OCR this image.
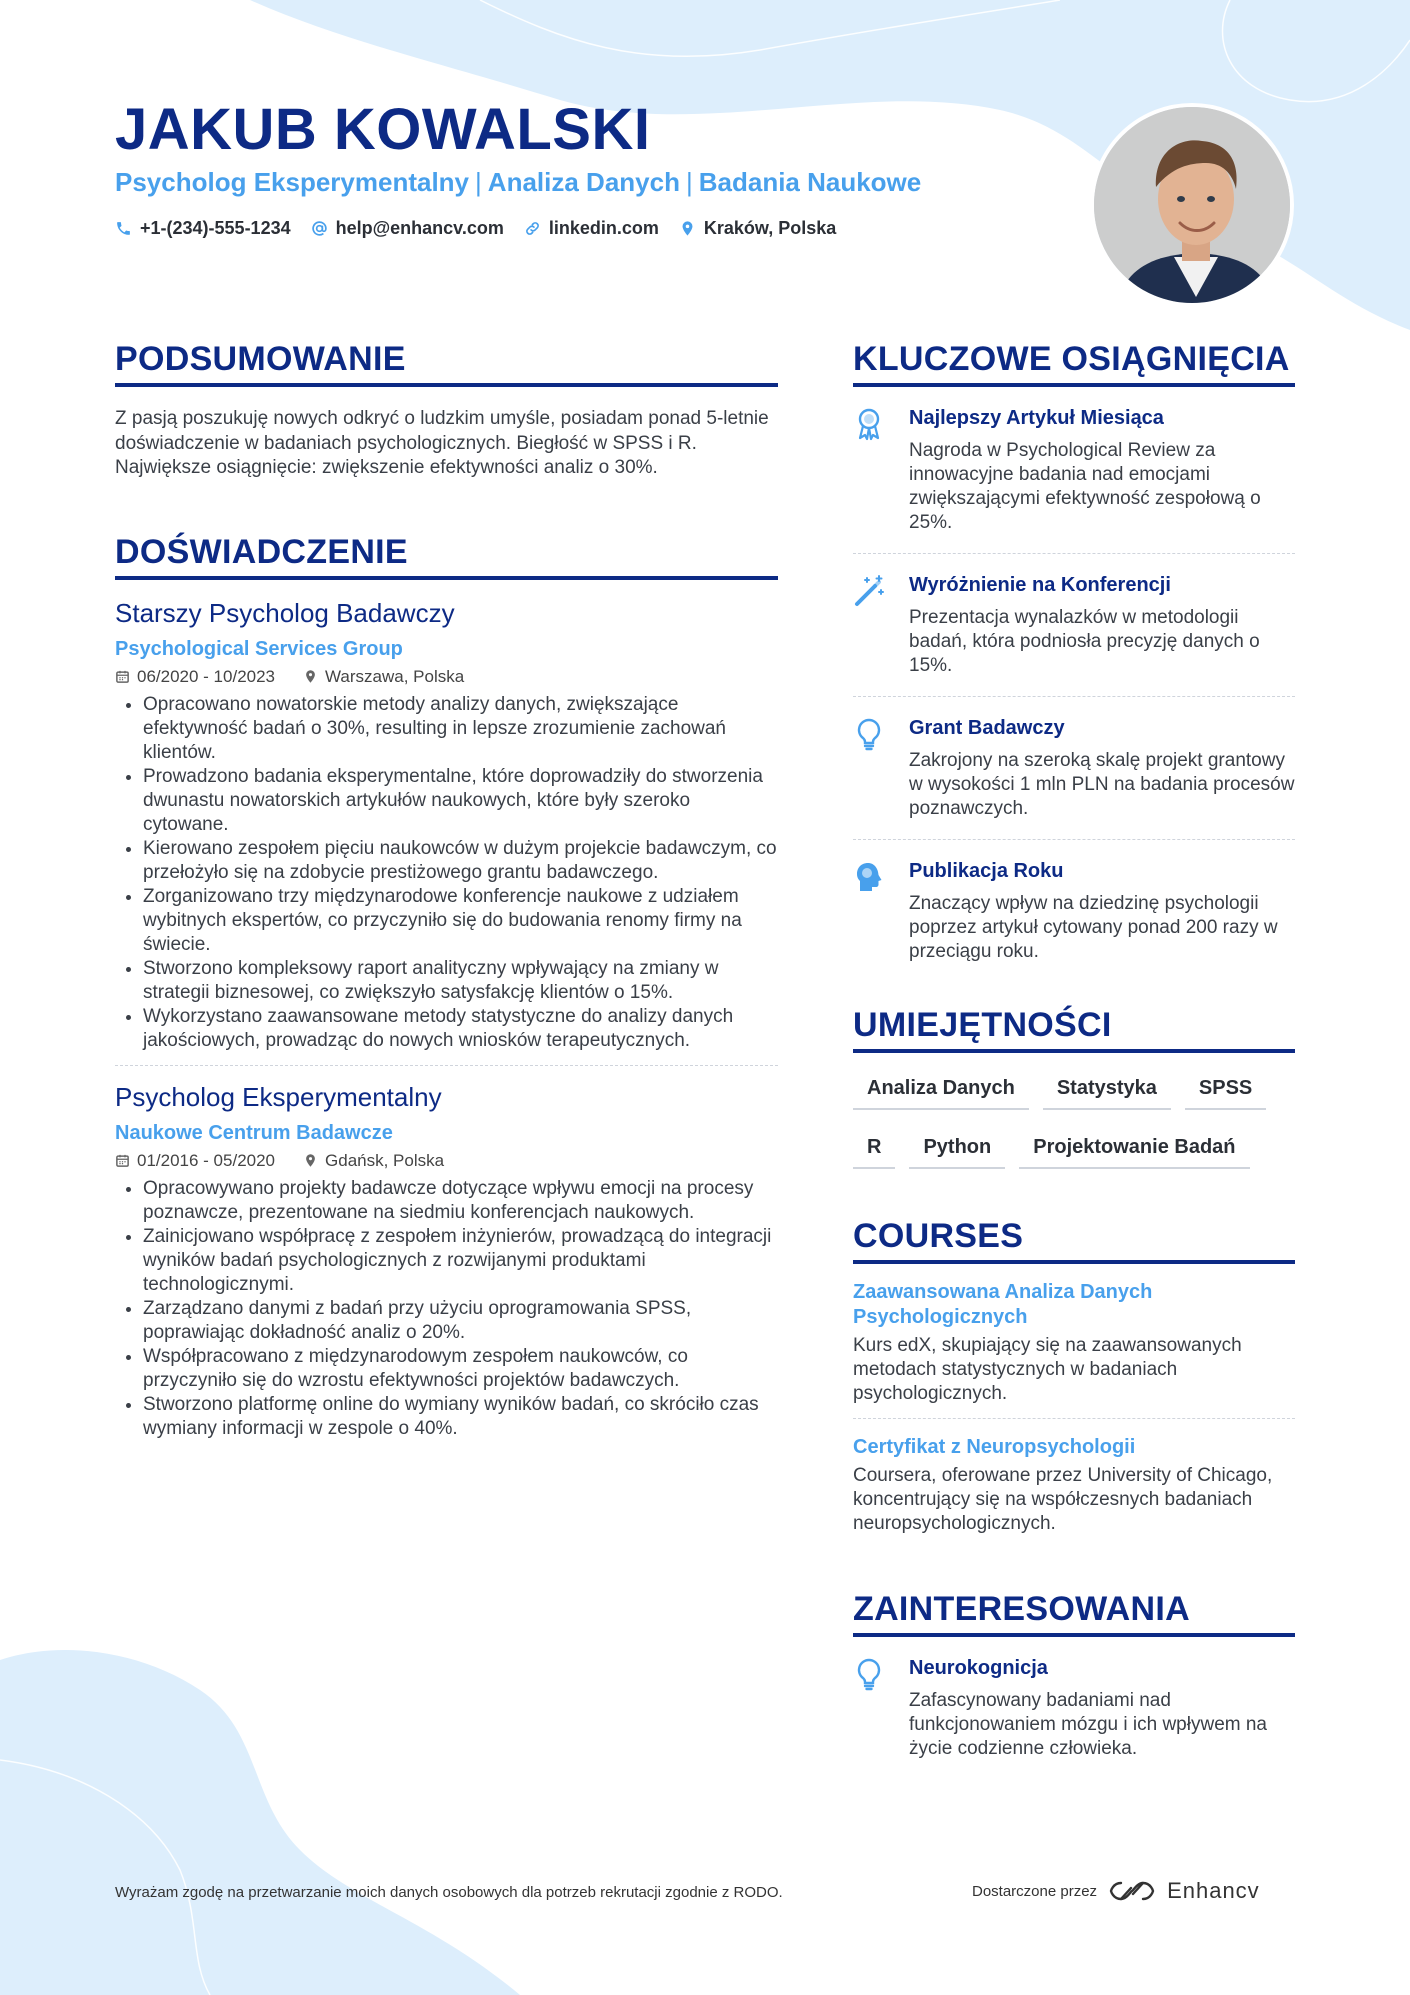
JAKUB KOWALSKI
Psycholog Eksperymentalny | Analiza Danych | Badania Naukowe
+1-(234)-555-1234	help@enhancv.com	linkedin.com	Kraków, Polska
PODSUMOWANIE
Z pasją poszukuję nowych odkryć o ludzkim umyśle, posiadam ponad 5-letnie doświadczenie w badaniach psychologicznych. Biegłość w SPSS i R. Największe osiągnięcie: zwiększenie efektywności analiz o 30%.
DOŚWIADCZENIE
Starszy Psycholog Badawczy
Psychological Services Group
06/2020 - 10/2023	Warszawa, Polska
• Opracowano nowatorskie metody analizy danych, zwiększające efektywność badań o 30%, resulting in lepsze zrozumienie zachowań klientów.
• Prowadzono badania eksperymentalne, które doprowadziły do stworzenia dwunastu nowatorskich artykułów naukowych, które były szeroko cytowane.
• Kierowano zespołem pięciu naukowców w dużym projekcie badawczym, co przełożyło się na zdobycie prestiżowego grantu badawczego.
• Zorganizowano trzy międzynarodowe konferencje naukowe z udziałem wybitnych ekspertów, co przyczyniło się do budowania renomy firmy na świecie.
• Stworzono kompleksowy raport analityczny wpływający na zmiany w strategii biznesowej, co zwiększyło satysfakcję klientów o 15%.
• Wykorzystano zaawansowane metody statystyczne do analizy danych jakościowych, prowadząc do nowych wniosków terapeutycznych.
Psycholog Eksperymentalny
Naukowe Centrum Badawcze
01/2016 - 05/2020	Gdańsk, Polska
• Opracowywano projekty badawcze dotyczące wpływu emocji na procesy poznawcze, prezentowane na siedmiu konferencjach naukowych.
• Zainicjowano współpracę z zespołem inżynierów, prowadzącą do integracji wyników badań psychologicznych z rozwijanymi produktami technologicznymi.
• Zarządzano danymi z badań przy użyciu oprogramowania SPSS, poprawiając dokładność analiz o 20%.
• Współpracowano z międzynarodowym zespołem naukowców, co przyczyniło się do wzrostu efektywności projektów badawczych.
• Stworzono platformę online do wymiany wyników badań, co skróciło czas wymiany informacji w zespole o 40%.
KLUCZOWE OSIĄGNIĘCIA
Najlepszy Artykuł Miesiąca
Nagroda w Psychological Review za innowacyjne badania nad emocjami zwiększającymi efektywność zespołową o 25%.
Wyróżnienie na Konferencji
Prezentacja wynalazków w metodologii badań, która podniosła precyzję danych o 15%.
Grant Badawczy
Zakrojony na szeroką skalę projekt grantowy w wysokości 1 mln PLN na badania procesów poznawczych.
Publikacja Roku
Znaczący wpływ na dziedzinę psychologii poprzez artykuł cytowany ponad 200 razy w przeciągu roku.
UMIEJĘTNOŚCI
Analiza Danych	Statystyka	SPSS
R	Python	Projektowanie Badań
COURSES
Zaawansowana Analiza Danych Psychologicznych
Kurs edX, skupiający się na zaawansowanych metodach statystycznych w badaniach psychologicznych.
Certyfikat z Neuropsychologii
Coursera, oferowane przez University of Chicago, koncentrujący się na współczesnych badaniach neuropsychologicznych.
ZAINTERESOWANIA
Neurokognicja
Zafascynowany badaniami nad funkcjonowaniem mózgu i ich wpływem na życie codzienne człowieka.
Wyrażam zgodę na przetwarzanie moich danych osobowych dla potrzeb rekrutacji zgodnie z RODO.	Dostarczone przez	Enhancv
